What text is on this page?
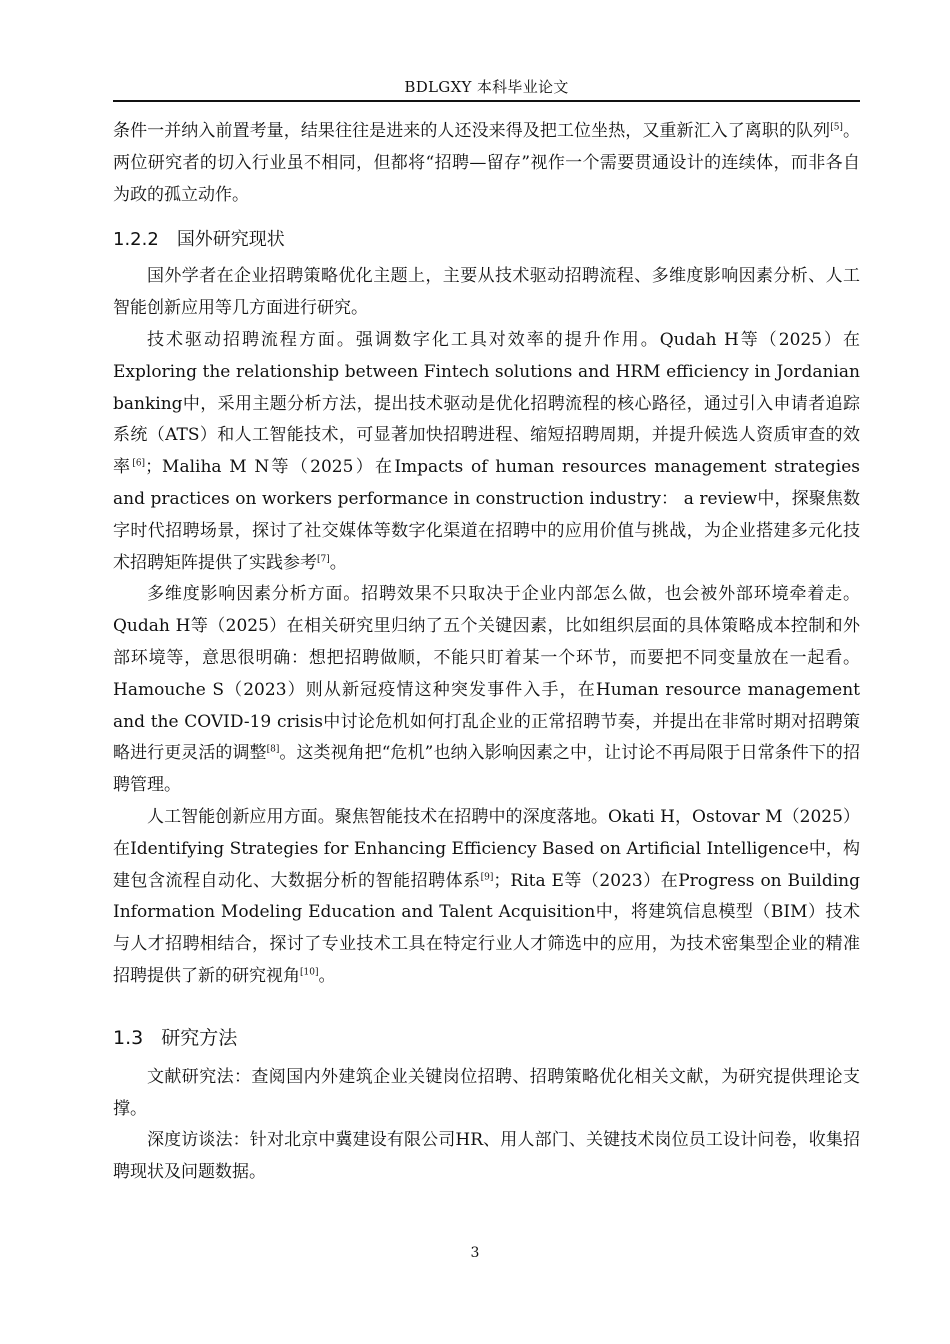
BDLGXY 本科毕业论文

条件一并纳入前置考量，结果往往是进来的人还没来得及把工位坐热，又重新汇入了离职的队列[5]。两位研究者的切入行业虽不相同，但都将“招聘—留存”视作一个需要贯通设计的连续体，而非各自为政的孤立动作。

1.2.2 国外研究现状

国外学者在企业招聘策略优化主题上，主要从技术驱动招聘流程、多维度影响因素分析、人工智能创新应用等几方面进行研究。

技术驱动招聘流程方面。强调数字化工具对效率的提升作用。Qudah H等（2025）在Exploring the relationship between Fintech solutions and HRM efficiency in Jordanian banking中，采用主题分析方法，提出技术驱动是优化招聘流程的核心路径，通过引入申请者追踪系统（ATS）和人工智能技术，可显著加快招聘进程、缩短招聘周期，并提升候选人资质审查的效率[6]；Maliha M N等（2025）在Impacts of human resources management strategies and practices on workers performance in construction industry： a review中，探聚焦数字时代招聘场景，探讨了社交媒体等数字化渠道在招聘中的应用价值与挑战，为企业搭建多元化技术招聘矩阵提供了实践参考[7]。

多维度影响因素分析方面。招聘效果不只取决于企业内部怎么做，也会被外部环境牵着走。Qudah H等（2025）在相关研究里归纳了五个关键因素，比如组织层面的具体策略成本控制和外部环境等，意思很明确：想把招聘做顺，不能只盯着某一个环节，而要把不同变量放在一起看。Hamouche S（2023）则从新冠疫情这种突发事件入手，在Human resource management and the COVID-19 crisis中讨论危机如何打乱企业的正常招聘节奏，并提出在非常时期对招聘策略进行更灵活的调整[8]。这类视角把“危机”也纳入影响因素之中，让讨论不再局限于日常条件下的招聘管理。

人工智能创新应用方面。聚焦智能技术在招聘中的深度落地。Okati H，Ostovar M（2025）在Identifying Strategies for Enhancing Efficiency Based on Artificial Intelligence中，构建包含流程自动化、大数据分析的智能招聘体系[9]；Rita E等（2023）在Progress on Building Information Modeling Education and Talent Acquisition中，将建筑信息模型（BIM）技术与人才招聘相结合，探讨了专业技术工具在特定行业人才筛选中的应用，为技术密集型企业的精准招聘提供了新的研究视角[10]。

1.3 研究方法

文献研究法：查阅国内外建筑企业关键岗位招聘、招聘策略优化相关文献，为研究提供理论支撑。

深度访谈法：针对北京中冀建设有限公司HR、用人部门、关键技术岗位员工设计问卷，收集招聘现状及问题数据。

3
